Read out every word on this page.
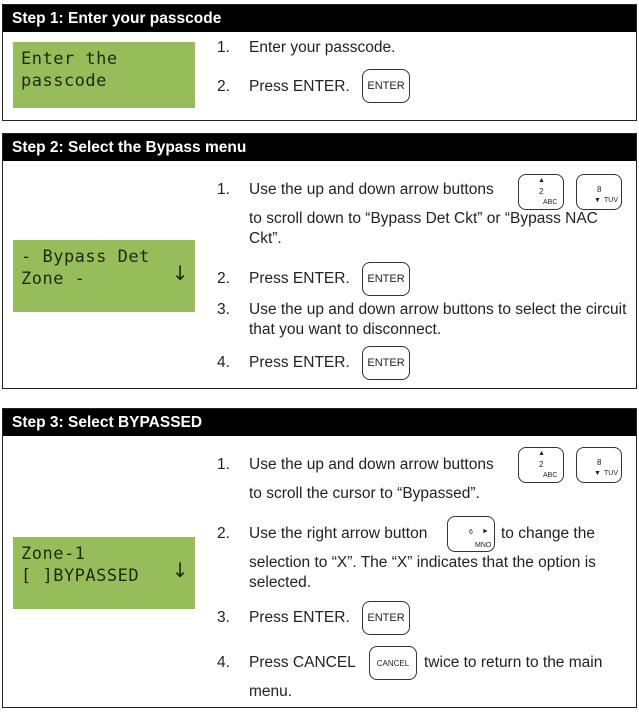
Step 1: Enter your passcode
Enter the
passcode
1.	Enter your passcode.
2.	Press ENTER.	ENTER
Step 2: Select the Bypass menu
- Bypass Det
Zone -	↓
1.	Use the up and down arrow buttons
to scroll down to “Bypass Det Ckt” or “Bypass NAC Ckt”.
▲
2
ABC
8
▼ TUV
2.	Press ENTER.	ENTER
3.	Use the up and down arrow buttons to select the circuit that you want to disconnect.
4.	Press ENTER.	ENTER
Step 3: Select BYPASSED
Zone-1
[ ]BYPASSED	↓
1.	Use the up and down arrow buttons
to scroll the cursor to “Bypassed”.
▲
2
ABC
8
▼ TUV
2.	Use the right arrow button	to change the
selection to “X”. The “X” indicates that the option is selected.
6 ►
MNO
3.	Press ENTER.	ENTER
4.	Press CANCEL	twice to return to the main
menu.
CANCEL
